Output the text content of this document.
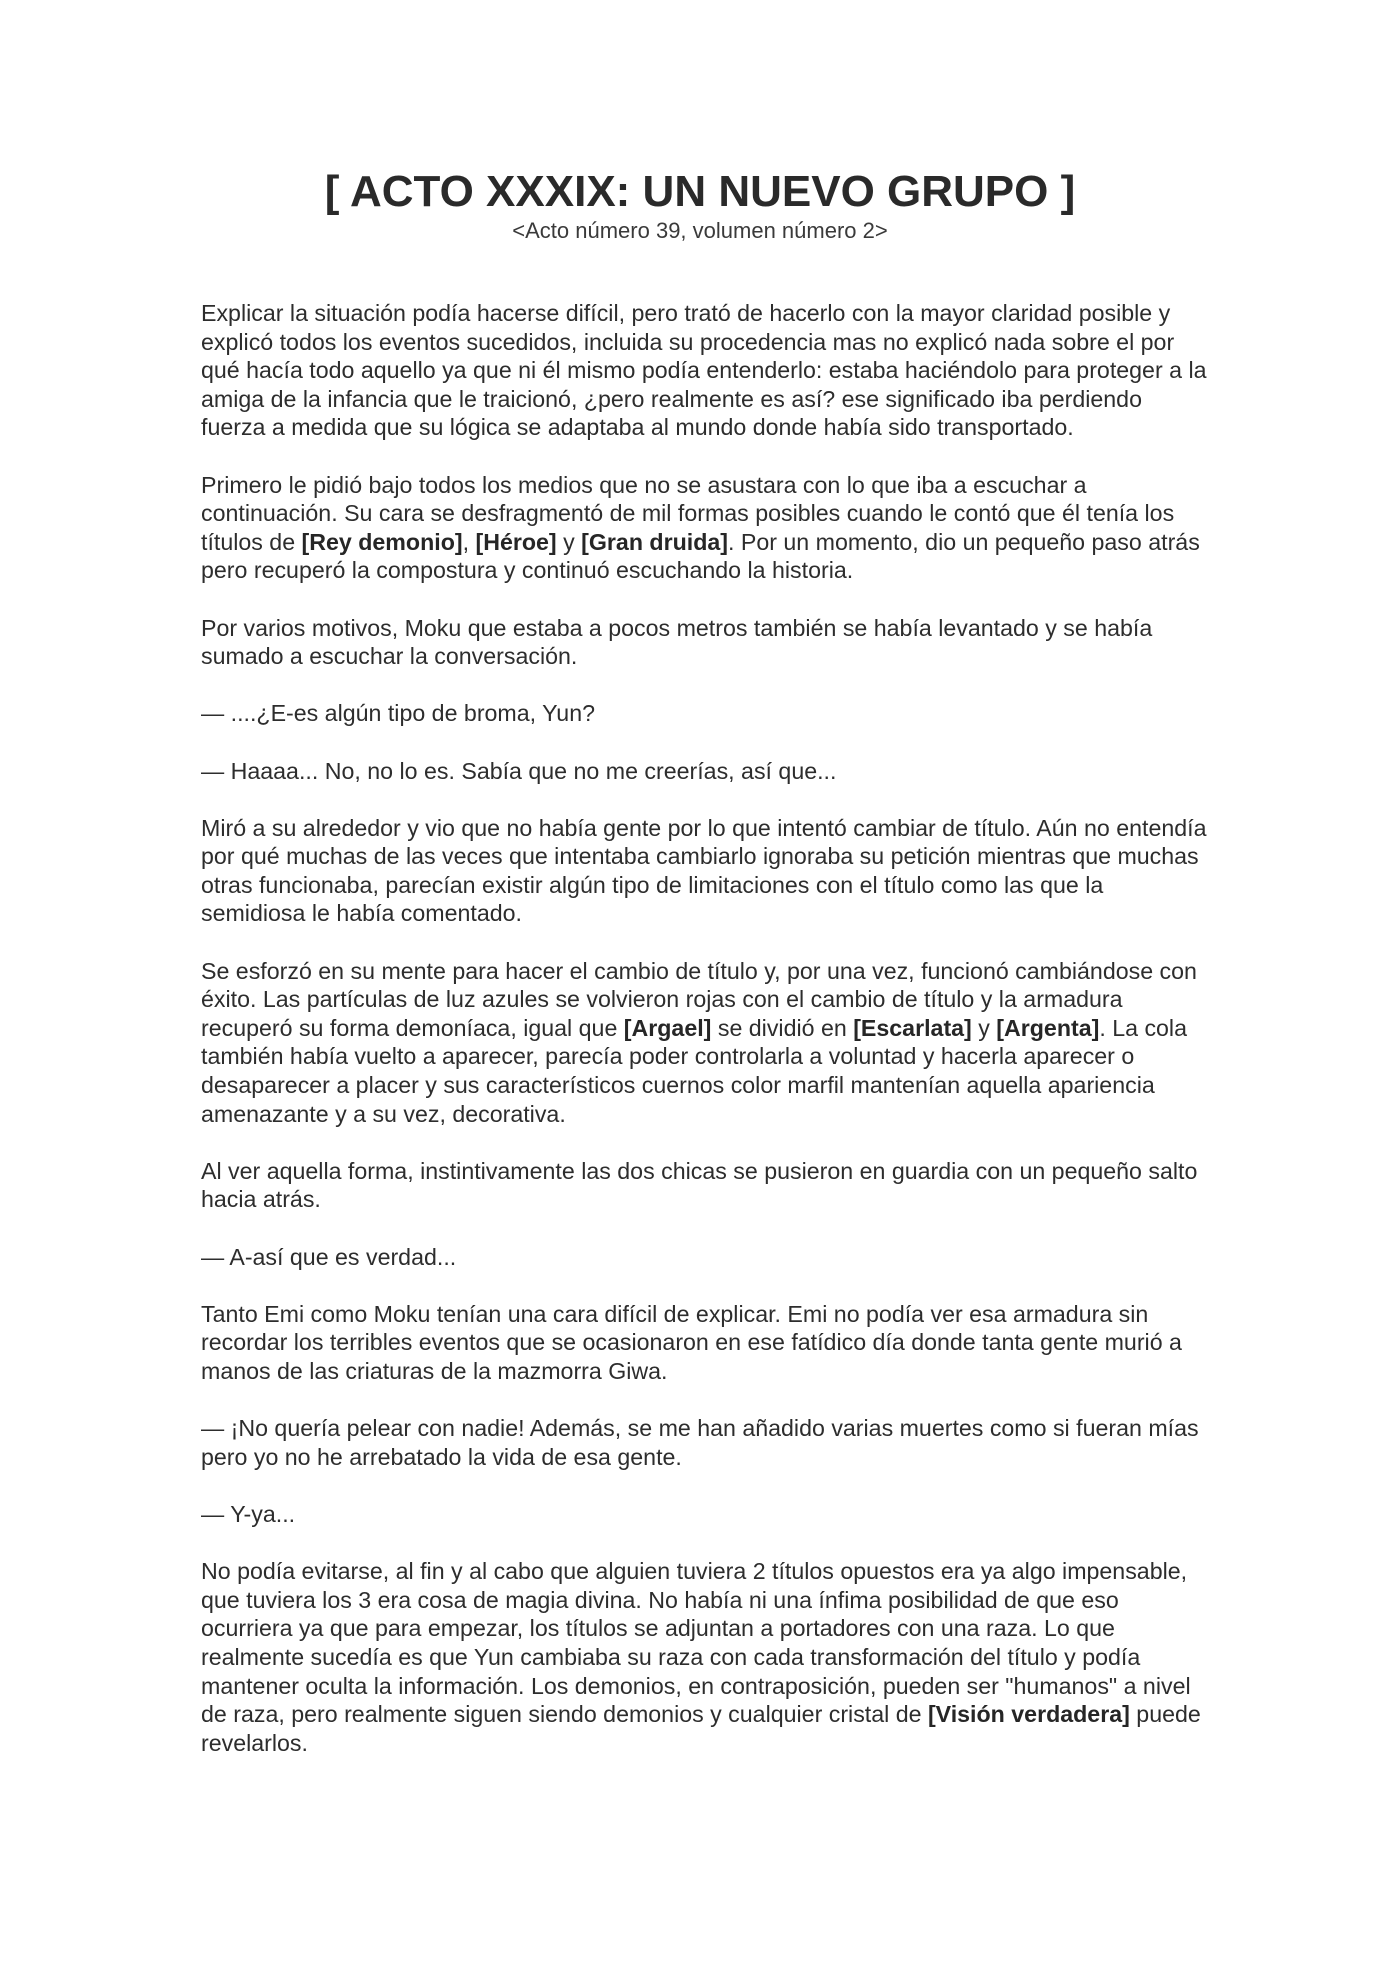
[ ACTO XXXIX: UN NUEVO GRUPO ]
<Acto número 39, volumen número 2>

Explicar la situación podía hacerse difícil, pero trató de hacerlo con la mayor claridad posible y explicó todos los eventos sucedidos, incluida su procedencia mas no explicó nada sobre el por qué hacía todo aquello ya que ni él mismo podía entenderlo: estaba haciéndolo para proteger a la amiga de la infancia que le traicionó, ¿pero realmente es así? ese significado iba perdiendo fuerza a medida que su lógica se adaptaba al mundo donde había sido transportado.

Primero le pidió bajo todos los medios que no se asustara con lo que iba a escuchar a continuación. Su cara se desfragmentó de mil formas posibles cuando le contó que él tenía los títulos de [Rey demonio], [Héroe] y [Gran druida]. Por un momento, dio un pequeño paso atrás pero recuperó la compostura y continuó escuchando la historia.

Por varios motivos, Moku que estaba a pocos metros también se había levantado y se había sumado a escuchar la conversación.

— ....¿E-es algún tipo de broma, Yun?

— Haaaa... No, no lo es. Sabía que no me creerías, así que...

Miró a su alrededor y vio que no había gente por lo que intentó cambiar de título. Aún no entendía por qué muchas de las veces que intentaba cambiarlo ignoraba su petición mientras que muchas otras funcionaba, parecían existir algún tipo de limitaciones con el título como las que la semidiosa le había comentado.

Se esforzó en su mente para hacer el cambio de título y, por una vez, funcionó cambiándose con éxito. Las partículas de luz azules se volvieron rojas con el cambio de título y la armadura recuperó su forma demoníaca, igual que [Argael] se dividió en [Escarlata] y [Argenta]. La cola también había vuelto a aparecer, parecía poder controlarla a voluntad y hacerla aparecer o desaparecer a placer y sus característicos cuernos color marfil mantenían aquella apariencia amenazante y a su vez, decorativa.

Al ver aquella forma, instintivamente las dos chicas se pusieron en guardia con un pequeño salto hacia atrás.

— A-así que es verdad...

Tanto Emi como Moku tenían una cara difícil de explicar. Emi no podía ver esa armadura sin recordar los terribles eventos que se ocasionaron en ese fatídico día donde tanta gente murió a manos de las criaturas de la mazmorra Giwa.

— ¡No quería pelear con nadie! Además, se me han añadido varias muertes como si fueran mías pero yo no he arrebatado la vida de esa gente.

— Y-ya...

No podía evitarse, al fin y al cabo que alguien tuviera 2 títulos opuestos era ya algo impensable, que tuviera los 3 era cosa de magia divina. No había ni una ínfima posibilidad de que eso ocurriera ya que para empezar, los títulos se adjuntan a portadores con una raza. Lo que realmente sucedía es que Yun cambiaba su raza con cada transformación del título y podía mantener oculta la información. Los demonios, en contraposición, pueden ser "humanos" a nivel de raza, pero realmente siguen siendo demonios y cualquier cristal de [Visión verdadera] puede revelarlos.
